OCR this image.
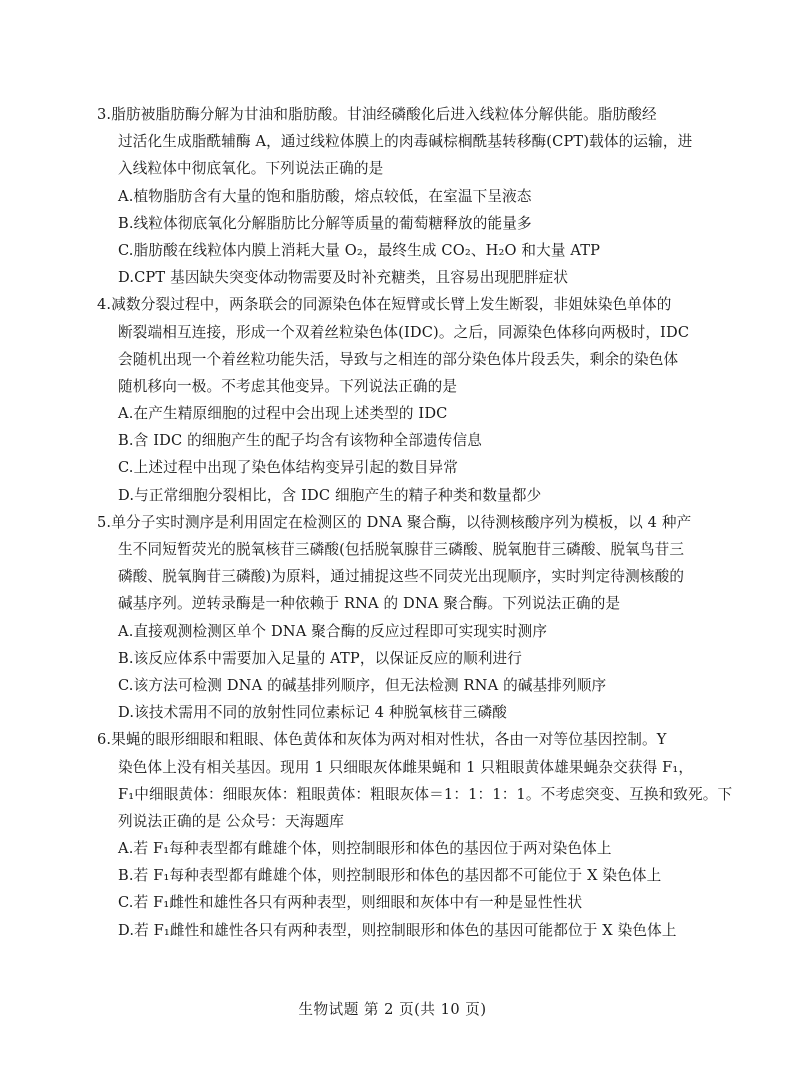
3.脂肪被脂肪酶分解为甘油和脂肪酸。甘油经磷酸化后进入线粒体分解供能。脂肪酸经
过活化生成脂酰辅酶 A，通过线粒体膜上的肉毒碱棕榈酰基转移酶(CPT)载体的运输，进
入线粒体中彻底氧化。下列说法正确的是
A.植物脂肪含有大量的饱和脂肪酸，熔点较低，在室温下呈液态
B.线粒体彻底氧化分解脂肪比分解等质量的葡萄糖释放的能量多
C.脂肪酸在线粒体内膜上消耗大量 O₂，最终生成 CO₂、H₂O 和大量 ATP
D.CPT 基因缺失突变体动物需要及时补充糖类，且容易出现肥胖症状
4.减数分裂过程中，两条联会的同源染色体在短臂或长臂上发生断裂，非姐妹染色单体的
断裂端相互连接，形成一个双着丝粒染色体(IDC)。之后，同源染色体移向两极时，IDC
会随机出现一个着丝粒功能失活，导致与之相连的部分染色体片段丢失，剩余的染色体
随机移向一极。不考虑其他变异。下列说法正确的是
A.在产生精原细胞的过程中会出现上述类型的 IDC
B.含 IDC 的细胞产生的配子均含有该物种全部遗传信息
C.上述过程中出现了染色体结构变异引起的数目异常
D.与正常细胞分裂相比，含 IDC 细胞产生的精子种类和数量都少
5.单分子实时测序是利用固定在检测区的 DNA 聚合酶，以待测核酸序列为模板，以 4 种产
生不同短暂荧光的脱氧核苷三磷酸(包括脱氧腺苷三磷酸、脱氧胞苷三磷酸、脱氧鸟苷三
磷酸、脱氧胸苷三磷酸)为原料，通过捕捉这些不同荧光出现顺序，实时判定待测核酸的
碱基序列。逆转录酶是一种依赖于 RNA 的 DNA 聚合酶。下列说法正确的是
A.直接观测检测区单个 DNA 聚合酶的反应过程即可实现实时测序
B.该反应体系中需要加入足量的 ATP，以保证反应的顺利进行
C.该方法可检测 DNA 的碱基排列顺序，但无法检测 RNA 的碱基排列顺序
D.该技术需用不同的放射性同位素标记 4 种脱氧核苷三磷酸
6.果蝇的眼形细眼和粗眼、体色黄体和灰体为两对相对性状，各由一对等位基因控制。Y
染色体上没有相关基因。现用 1 只细眼灰体雌果蝇和 1 只粗眼黄体雄果蝇杂交获得 F₁，
F₁中细眼黄体：细眼灰体：粗眼黄体：粗眼灰体＝1：1：1：1。不考虑突变、互换和致死。下
列说法正确的是 公众号：天海题库
A.若 F₁每种表型都有雌雄个体，则控制眼形和体色的基因位于两对染色体上
B.若 F₁每种表型都有雌雄个体，则控制眼形和体色的基因都不可能位于 X 染色体上
C.若 F₁雌性和雄性各只有两种表型，则细眼和灰体中有一种是显性性状
D.若 F₁雌性和雄性各只有两种表型，则控制眼形和体色的基因可能都位于 X 染色体上
生物试题 第 2 页(共 10 页)
